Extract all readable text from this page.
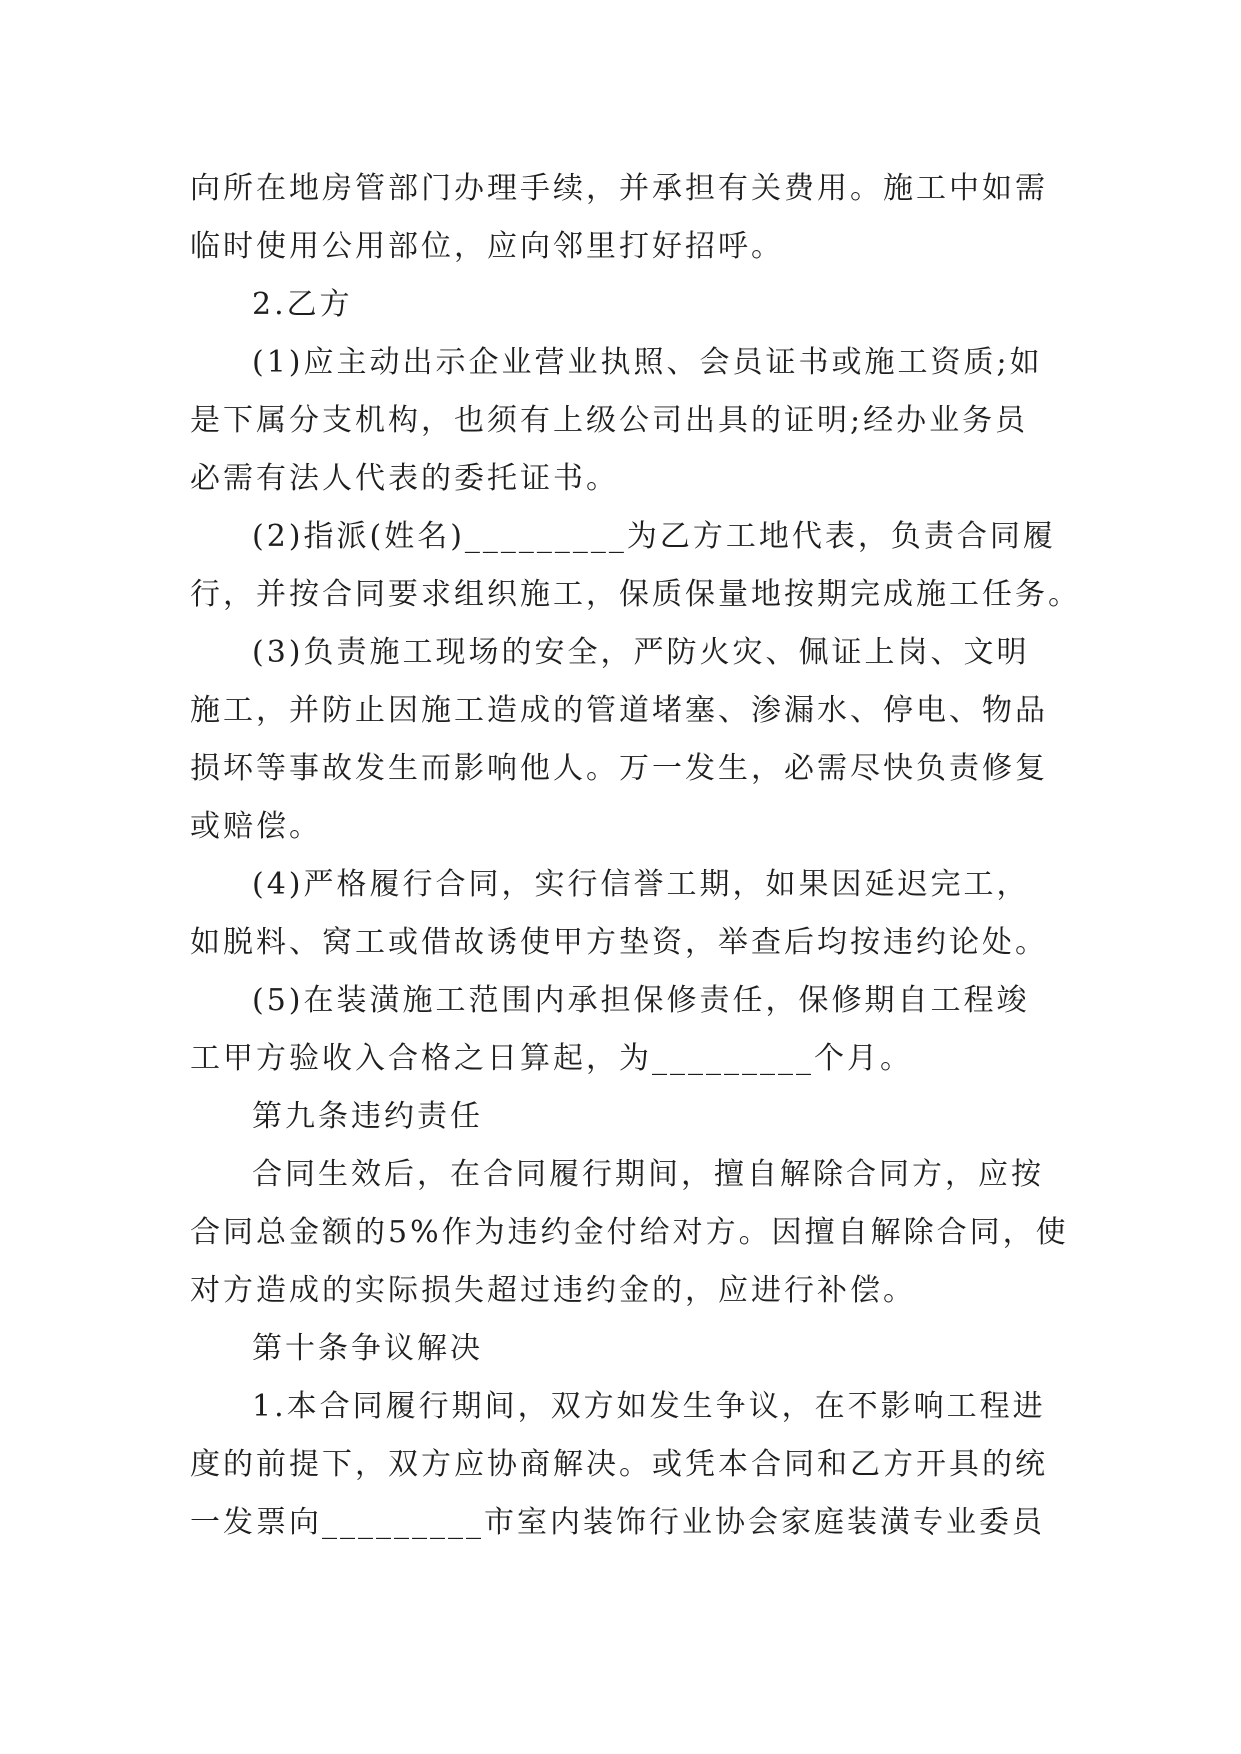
向所在地房管部门办理手续，并承担有关费用。施工中如需
临时使用公用部位，应向邻里打好招呼。
2.乙方
(1)应主动出示企业营业执照、会员证书或施工资质;如
是下属分支机构，也须有上级公司出具的证明;经办业务员
必需有法人代表的委托证书。
(2)指派(姓名)_________为乙方工地代表，负责合同履
行，并按合同要求组织施工，保质保量地按期完成施工任务。
(3)负责施工现场的安全，严防火灾、佩证上岗、文明
施工，并防止因施工造成的管道堵塞、渗漏水、停电、物品
损坏等事故发生而影响他人。万一发生，必需尽快负责修复
或赔偿。
(4)严格履行合同，实行信誉工期，如果因延迟完工，
如脱料、窝工或借故诱使甲方垫资，举查后均按违约论处。
(5)在装潢施工范围内承担保修责任，保修期自工程竣
工甲方验收入合格之日算起，为_________个月。
第九条违约责任
合同生效后，在合同履行期间，擅自解除合同方，应按
合同总金额的5%作为违约金付给对方。因擅自解除合同，使
对方造成的实际损失超过违约金的，应进行补偿。
第十条争议解决
1.本合同履行期间，双方如发生争议，在不影响工程进
度的前提下，双方应协商解决。或凭本合同和乙方开具的统
一发票向_________市室内装饰行业协会家庭装潢专业委员
